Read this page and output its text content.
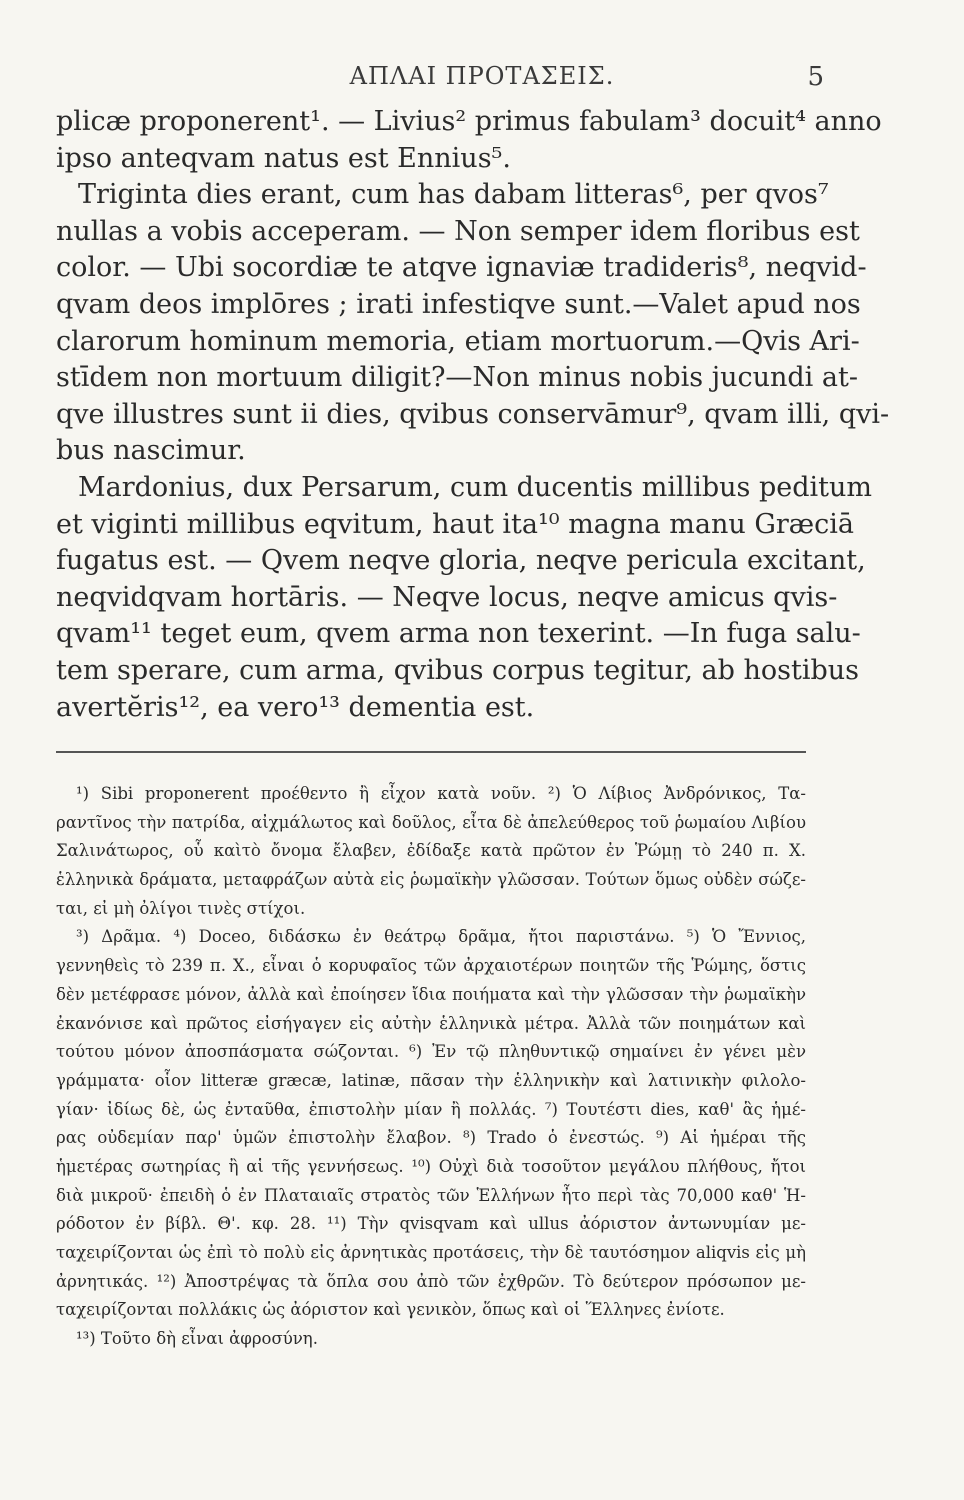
ΑΠΛΑΙ ΠΡΟΤΑΣΕΙΣ.	5
plicæ proponerent¹. — Livius² primus fabulam³ docuit⁴ anno
ipso anteqvam natus est Ennius⁵.
Triginta dies erant, cum has dabam litteras⁶, per qvos⁷
nullas a vobis acceperam. — Non semper idem floribus est
color. — Ubi socordiæ te atqve ignaviæ tradideris⁸, neqvid-
qvam deos implōres ; irati infestiqve sunt.—Valet apud nos
clarorum hominum memoria, etiam mortuorum.—Qvis Ari-
stīdem non mortuum diligit?—Non minus nobis jucundi at-
qve illustres sunt ii dies, qvibus conservāmur⁹, qvam illi, qvi-
bus nascimur.
Mardonius, dux Persarum, cum ducentis millibus peditum
et viginti millibus eqvitum, haut ita¹⁰ magna manu Græciā
fugatus est. — Qvem neqve gloria, neqve pericula excitant,
neqvidqvam hortāris. — Neqve locus, neqve amicus qvis-
qvam¹¹ teget eum, qvem arma non texerint. —In fuga salu-
tem sperare, cum arma, qvibus corpus tegitur, ab hostibus
avertĕris¹², ea vero¹³ dementia est.
¹) Sibi proponerent προέθεντο ἢ εἶχον κατὰ νοῦν. ²) Ὁ Λίβιος Ἀνδρόνικος, Τα-
ραντῖνος τὴν πατρίδα, αἰχμάλωτος καὶ δοῦλος, εἶτα δὲ ἀπελεύθερος τοῦ ῥωμαίου Λιβίου
Σαλινάτωρος, οὗ καὶτὸ ὄνομα ἔλαβεν, ἐδίδαξε κατὰ πρῶτον ἐν Ῥώμῃ τὸ 240 π. Χ.
ἑλληνικὰ δράματα, μεταφράζων αὐτὰ εἰς ῥωμαϊκὴν γλῶσσαν. Τούτων ὅμως οὐδὲν σώζε-
ται, εἰ μὴ ὀλίγοι τινὲς στίχοι.
³) Δρᾶμα. ⁴) Doceo, διδάσκω ἐν θεάτρῳ δρᾶμα, ἤτοι παριστάνω. ⁵) Ὁ Ἔννιος,
γεννηθεὶς τὸ 239 π. Χ., εἶναι ὁ κορυφαῖος τῶν ἀρχαιοτέρων ποιητῶν τῆς Ῥώμης, ὅστις
δὲν μετέφρασε μόνον, ἀλλὰ καὶ ἐποίησεν ἴδια ποιήματα καὶ τὴν γλῶσσαν τὴν ῥωμαϊκὴν
ἐκανόνισε καὶ πρῶτος εἰσήγαγεν εἰς αὐτὴν ἑλληνικὰ μέτρα. Ἀλλὰ τῶν ποιημάτων καὶ
τούτου μόνον ἀποσπάσματα σώζονται. ⁶) Ἐν τῷ πληθυντικῷ σημαίνει ἐν γένει μὲν
γράμματα· οἷον litteræ græcæ, latinæ, πᾶσαν τὴν ἑλληνικὴν καὶ λατινικὴν φιλολο-
γίαν· ἰδίως δὲ, ὡς ἐνταῦθα, ἐπιστολὴν μίαν ἢ πολλάς. ⁷) Τουτέστι dies, καθ' ἃς ἡμέ-
ρας οὐδεμίαν παρ' ὑμῶν ἐπιστολὴν ἔλαβον. ⁸) Trado ὁ ἐνεστώς. ⁹) Αἱ ἡμέραι τῆς
ἡμετέρας σωτηρίας ἢ αἱ τῆς γεννήσεως. ¹⁰) Οὐχὶ διὰ τοσοῦτον μεγάλου πλήθους, ἤτοι
διὰ μικροῦ· ἐπειδὴ ὁ ἐν Πλαταιαῖς στρατὸς τῶν Ἑλλήνων ἦτο περὶ τὰς 70,000 καθ' Ἡ-
ρόδοτον ἐν βίβλ. Θ'. κφ. 28. ¹¹) Τὴν qvisqvam καὶ ullus ἀόριστον ἀντωνυμίαν με-
ταχειρίζονται ὡς ἐπὶ τὸ πολὺ εἰς ἀρνητικὰς προτάσεις, τὴν δὲ ταυτόσημον aliqvis εἰς μὴ
ἀρνητικάς. ¹²) Ἀποστρέψας τὰ ὅπλα σου ἀπὸ τῶν ἐχθρῶν. Τὸ δεύτερον πρόσωπον με-
ταχειρίζονται πολλάκις ὡς ἀόριστον καὶ γενικὸν, ὅπως καὶ οἱ Ἕλληνες ἐνίοτε.
¹³) Τοῦτο δὴ εἶναι ἀφροσύνη.
